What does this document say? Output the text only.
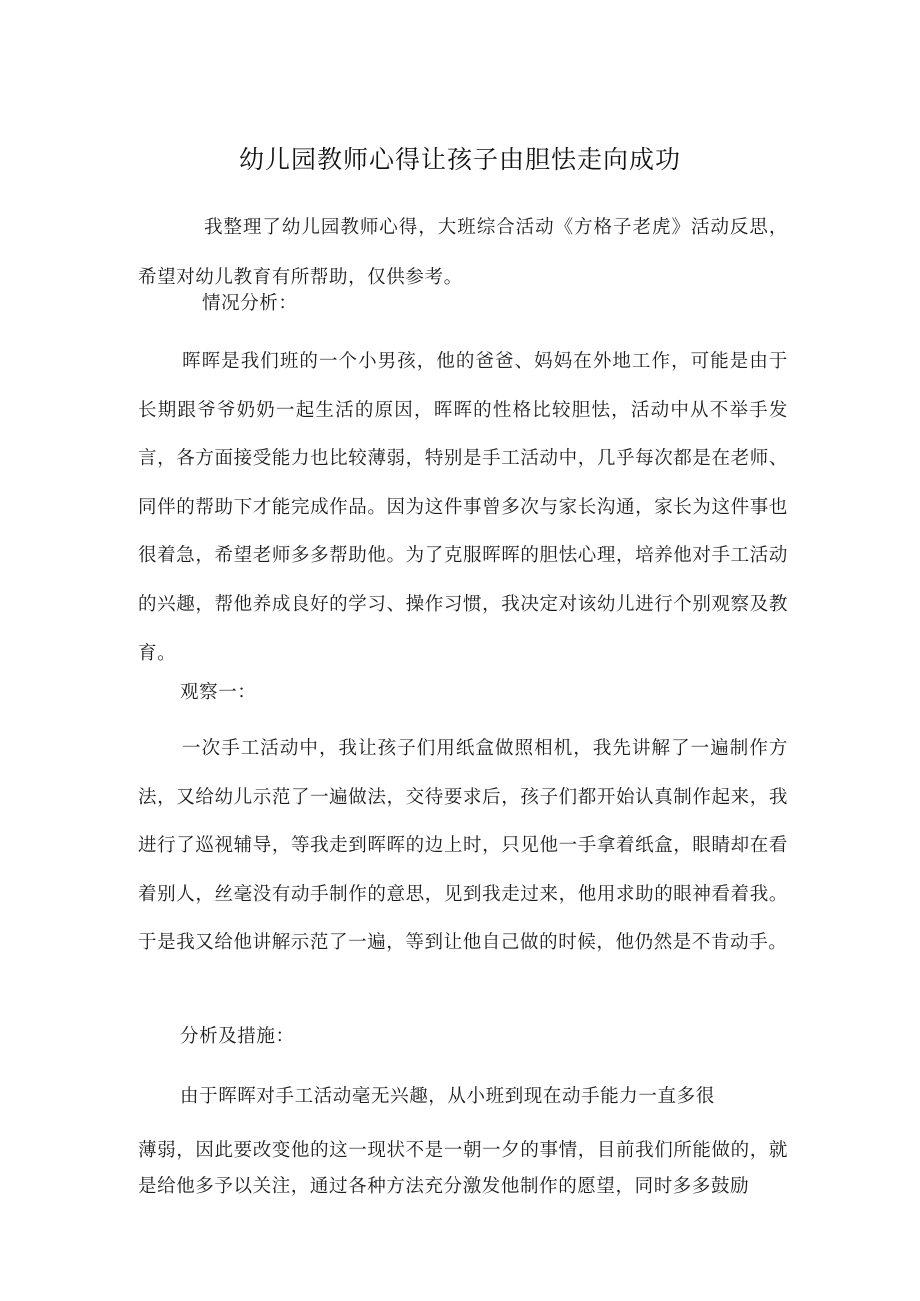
幼儿园教师心得让孩子由胆怯走向成功

我整理了幼儿园教师心得，大班综合活动《方格子老虎》活动反思，希望对幼儿教育有所帮助，仅供参考。

情况分析：

晖晖是我们班的一个小男孩，他的爸爸、妈妈在外地工作，可能是由于长期跟爷爷奶奶一起生活的原因，晖晖的性格比较胆怯，活动中从不举手发言，各方面接受能力也比较薄弱，特别是手工活动中，几乎每次都是在老师、同伴的帮助下才能完成作品。因为这件事曾多次与家长沟通，家长为这件事也很着急，希望老师多多帮助他。为了克服晖晖的胆怯心理，培养他对手工活动的兴趣，帮他养成良好的学习、操作习惯，我决定对该幼儿进行个别观察及教育。

观察一：

一次手工活动中，我让孩子们用纸盒做照相机，我先讲解了一遍制作方法，又给幼儿示范了一遍做法，交待要求后，孩子们都开始认真制作起来，我进行了巡视辅导，等我走到晖晖的边上时，只见他一手拿着纸盒，眼睛却在看着别人，丝毫没有动手制作的意思，见到我走过来，他用求助的眼神看着我。于是我又给他讲解示范了一遍，等到让他自己做的时候，他仍然是不肯动手。

分析及措施：

由于晖晖对手工活动毫无兴趣，从小班到现在动手能力一直多很

薄弱，因此要改变他的这一现状不是一朝一夕的事情，目前我们所能做的，就是给他多予以关注，通过各种方法充分激发他制作的愿望，同时多多鼓励
